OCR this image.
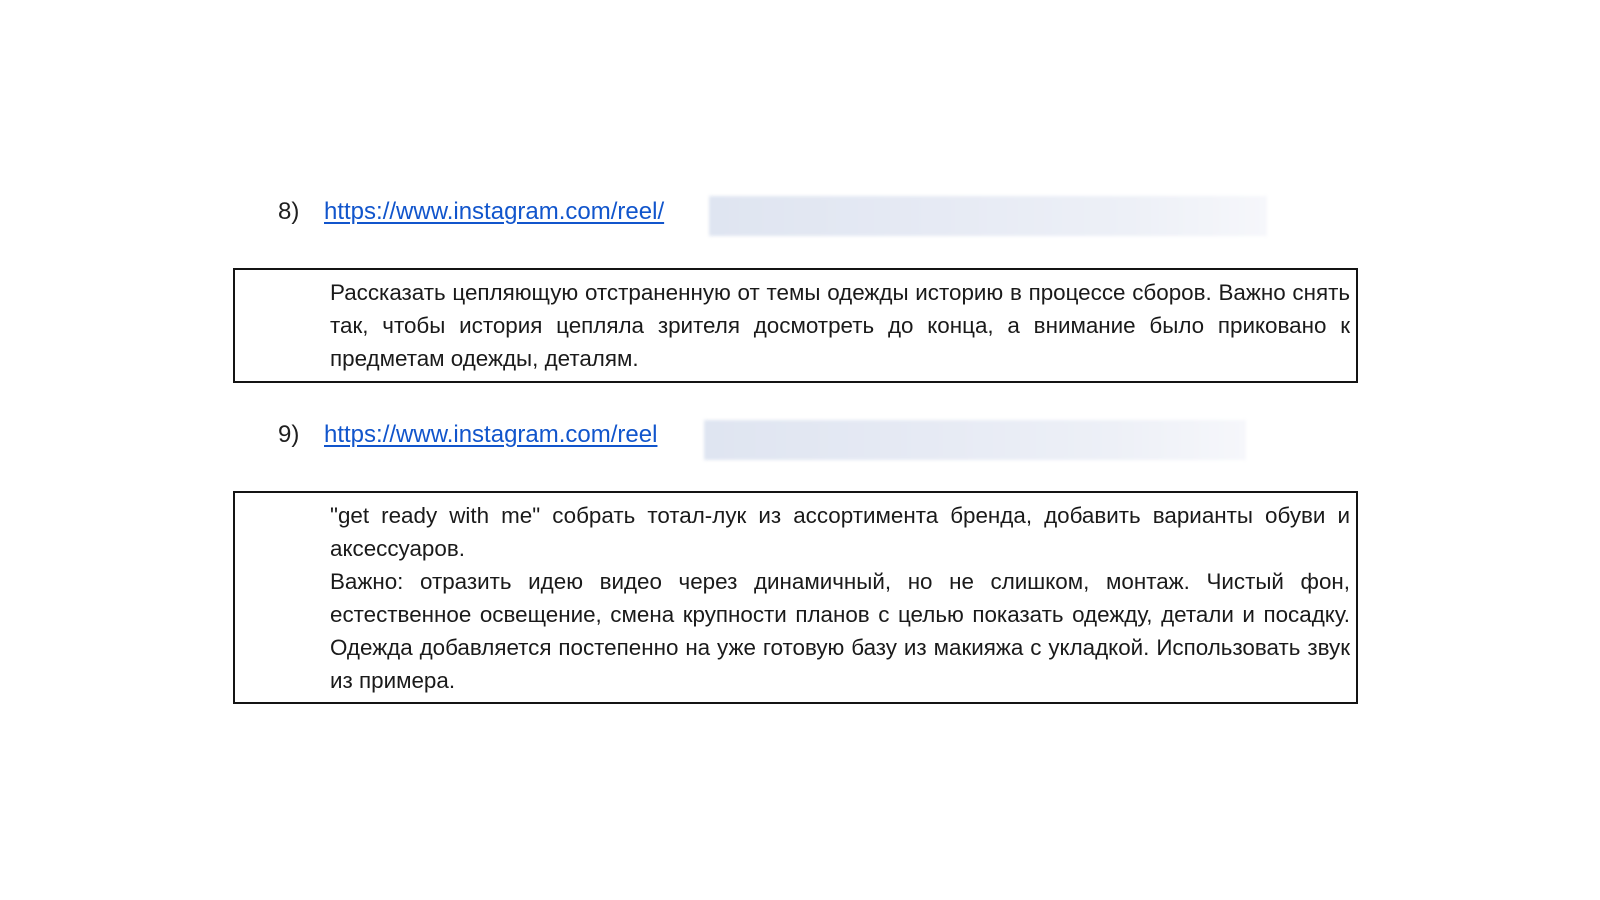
8)	https://www.instagram.com/reel/

Рассказать цепляющую отстраненную от темы одежды историю в процессе сборов. Важно снять так, чтобы история цепляла зрителя досмотреть до конца, а внимание было приковано к предметам одежды, деталям.

9)	https://www.instagram.com/reel

"get ready with me" собрать тотал-лук из ассортимента бренда, добавить варианты обуви и аксессуаров.

Важно: отразить идею видео через динамичный, но не слишком, монтаж. Чистый фон, естественное освещение, смена крупности планов с целью показать одежду, детали и посадку. Одежда добавляется постепенно на уже готовую базу из макияжа с укладкой. Использовать звук из примера.
